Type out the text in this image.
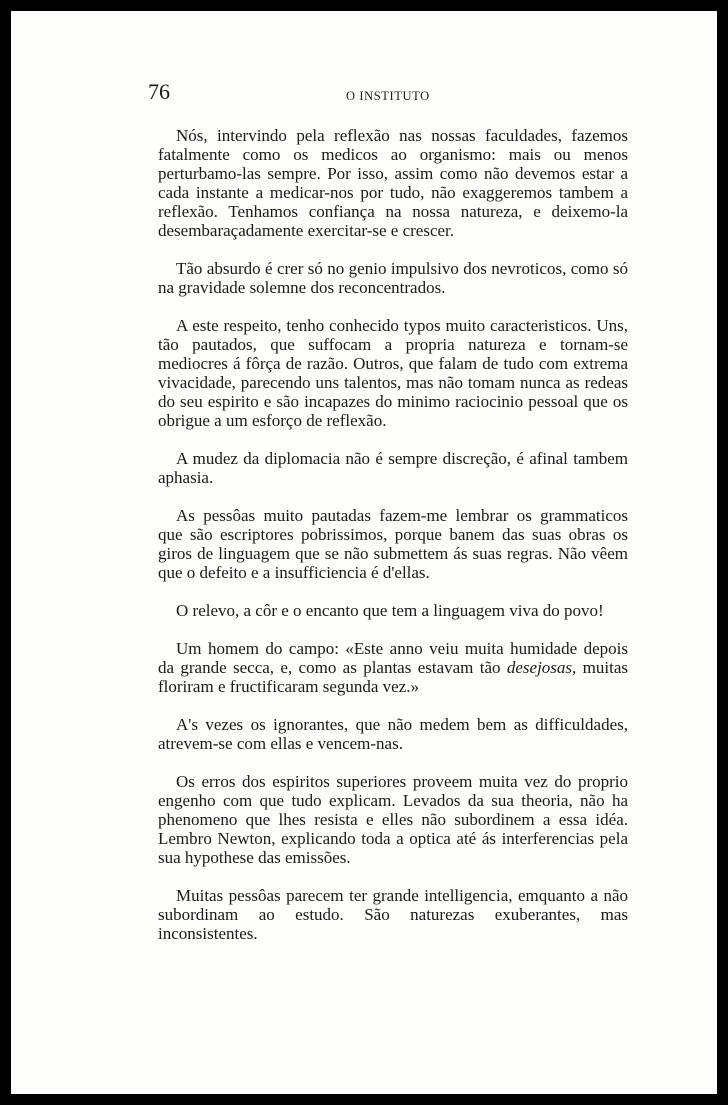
76	O INSTITUTO

Nós, intervindo pela reflexão nas nossas faculdades, fazemos fatalmente como os medicos ao organismo: mais ou menos perturbamo-las sempre. Por isso, assim como não devemos estar a cada instante a medicar-nos por tudo, não exaggeremos tambem a reflexão. Tenhamos confiança na nossa natureza, e deixemo-la desembaraçadamente exercitar-se e crescer.

Tão absurdo é crer só no genio impulsivo dos nevroticos, como só na gravidade solemne dos reconcentrados.

A este respeito, tenho conhecido typos muito caracteristicos. Uns, tão pautados, que suffocam a propria natureza e tornam-se mediocres á fôrça de razão. Outros, que falam de tudo com extrema vivacidade, parecendo uns talentos, mas não tomam nunca as redeas do seu espirito e são incapazes do minimo raciocinio pessoal que os obrigue a um esforço de reflexão.

A mudez da diplomacia não é sempre discreção, é afinal tambem aphasia.

As pessôas muito pautadas fazem-me lembrar os grammaticos que são escriptores pobrissimos, porque banem das suas obras os giros de linguagem que se não submettem ás suas regras. Não vêem que o defeito e a insufficiencia é d'ellas.

O relevo, a côr e o encanto que tem a linguagem viva do povo!

Um homem do campo: «Este anno veiu muita humidade depois da grande secca, e, como as plantas estavam tão desejosas, muitas floriram e fructificaram segunda vez.»

A's vezes os ignorantes, que não medem bem as difficuldades, atrevem-se com ellas e vencem-nas.

Os erros dos espiritos superiores proveem muita vez do proprio engenho com que tudo explicam. Levados da sua theoria, não ha phenomeno que lhes resista e elles não subordinem a essa idéa. Lembro Newton, explicando toda a optica até ás interferencias pela sua hypothese das emissões.

Muitas pessôas parecem ter grande intelligencia, emquanto a não subordinam ao estudo. São naturezas exuberantes, mas inconsistentes.
